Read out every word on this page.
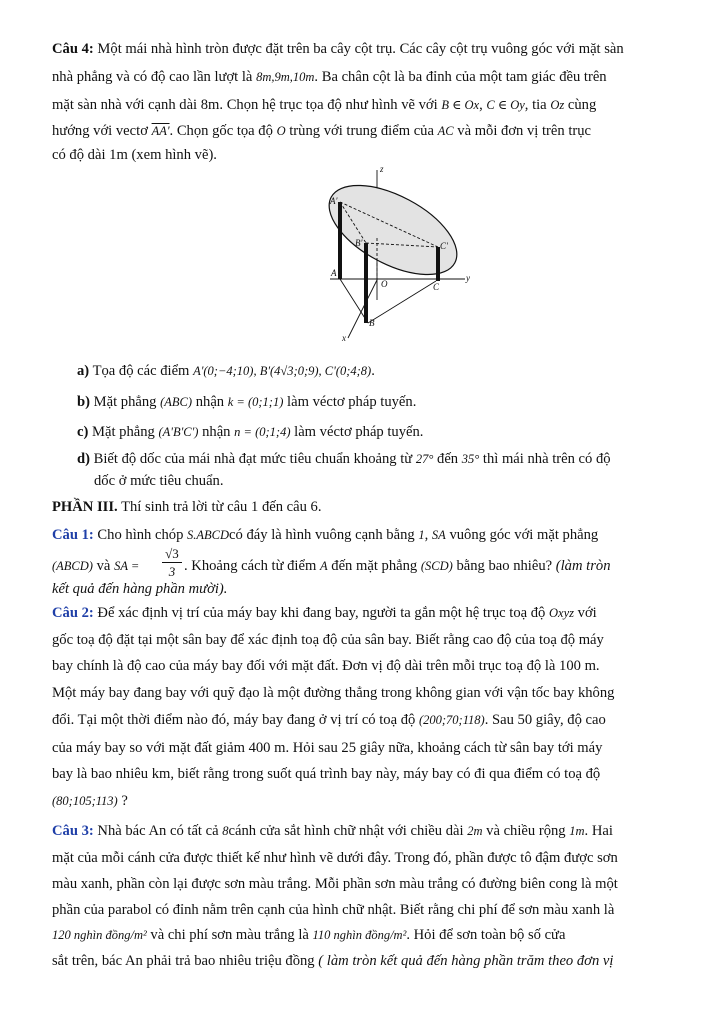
Câu 4: Một mái nhà hình tròn được đặt trên ba cây cột trụ. Các cây cột trụ vuông góc với mặt sàn

nhà phẳng và có độ cao lần lượt là 8m,9m,10m. Ba chân cột là ba đỉnh của một tam giác đều trên

mặt sàn nhà với cạnh dài 8m. Chọn hệ trục tọa độ như hình vẽ với B ∈ Ox, C ∈ Oy, tia Oz cùng

hướng với vectơ AA'. Chọn gốc tọa độ O trùng với trung điểm của AC và mỗi đơn vị trên trục

có độ dài 1m (xem hình vẽ).

z
A'
B'	C'
A
O	C
y
B
x

a) Tọa độ các điểm A'(0;−4;10), B'(4√3;0;9), C'(0;4;8).

b) Mặt phẳng (ABC) nhận k = (0;1;1) làm véctơ pháp tuyến.

c) Mặt phẳng (A'B'C') nhận n = (0;1;4) làm véctơ pháp tuyến.

d) Biết độ dốc của mái nhà đạt mức tiêu chuẩn khoảng từ 27° đến 35° thì mái nhà trên có độ

dốc ở mức tiêu chuẩn.

PHẦN III. Thí sinh trả lời từ câu 1 đến câu 6.

Câu 1: Cho hình chóp S.ABCDcó đáy là hình vuông cạnh bằng 1, SA vuông góc với mặt phẳng

(ABCD) và SA =
√3
3 . Khoảng cách từ điểm A đến mặt phẳng (SCD) bằng bao nhiêu? (làm tròn

kết quả đến hàng phần mười).

Câu 2: Để xác định vị trí của máy bay khi đang bay, người ta gắn một hệ trục toạ độ Oxyz với

gốc toạ độ đặt tại một sân bay để xác định toạ độ của sân bay. Biết rằng cao độ của toạ độ máy

bay chính là độ cao của máy bay đối với mặt đất. Đơn vị độ dài trên mỗi trục toạ độ là 100 m.

Một máy bay đang bay với quỹ đạo là một đường thẳng trong không gian với vận tốc bay không

đổi. Tại một thời điểm nào đó, máy bay đang ở vị trí có toạ độ (200;70;118). Sau 50 giây, độ cao

của máy bay so với mặt đất giảm 400 m. Hỏi sau 25 giây nữa, khoảng cách từ sân bay tới máy

bay là bao nhiêu km, biết rằng trong suốt quá trình bay này, máy bay có đi qua điểm có toạ độ

(80;105;113) ?

Câu 3: Nhà bác An có tất cả 8cánh cửa sắt hình chữ nhật với chiều dài 2m và chiều rộng 1m. Hai

mặt của mỗi cánh cửa được thiết kế như hình vẽ dưới đây. Trong đó, phần được tô đậm được sơn

màu xanh, phần còn lại được sơn màu trắng. Mỗi phần sơn màu trắng có đường biên cong là một

phần của parabol có đỉnh nằm trên cạnh của hình chữ nhật. Biết rằng chi phí để sơn màu xanh là

120 nghìn đồng/m² và chi phí sơn màu trắng là 110 nghìn đồng/m². Hỏi để sơn toàn bộ số cửa

sắt trên, bác An phải trả bao nhiêu triệu đồng ( làm tròn kết quả đến hàng phần trăm theo đơn vị
